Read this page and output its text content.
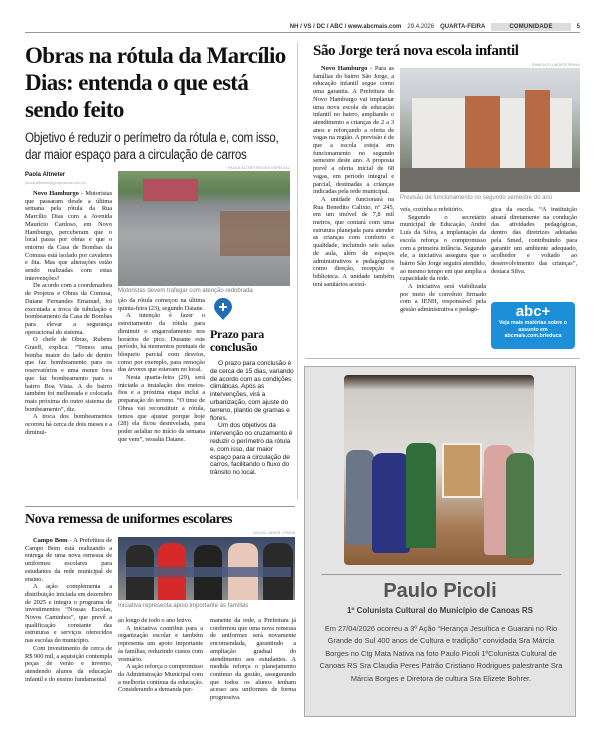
NH / VS / DC / ABC / www.abcmais.com 29.4.2026 QUARTA-FEIRA	COMUNIDADE	5
Obras na rótula da Marcílio Dias: entenda o que está sendo feito
Objetivo é reduzir o perímetro da rótula e, com isso, dar maior espaço para a circulação de carros
Paola Altneter
paola.altneter@gruposinos.com.br
PAOLA ALTNETER/GES ESPECIAL
Motoristas devem trafegar com atenção redobrada

Novo Hamburgo - Motoristas que passaram desde a última semana pela rótula da Rua Marcílio Dias com a Avenida Maurício Cardoso, em Novo Hamburgo, perceberam que o local passa por obras e que o entorno da Casa de Bombas da Comusa está isolado por cavaletes e fita. Mas que alterações estão sendo realizadas com estas intervenções?

De acordo com a coordenadora de Projetos e Obras da Comusa, Daiane Fernandes Emanuel, foi executada a troca de tubulação e bombeamento da Casa de Bombas para elevar a segurança operacional do sistema.

O chefe de Obras, Rubens Graeff, explica: “Temos uma bomba maior do lado de dentro que faz bombeamento para os reservatórios e uma menor fora que faz bombeamento para o bairro Boa Vista. A do bairro também foi melhorada e colocada mais próxima do outro sistema de bombeamento”, diz.

A troca dos bombeamentos ocorreu há cerca de dois meses e a diminui-

ção da rótula começou na última quinta-feira (23), segundo Daiane.

A intenção é fazer o estreitamento da rótula para diminuir o engarrafamento nos horários de pico. Durante este período, há momentos pontuais de bloqueio parcial com desvios, como por exemplo, para remoção das árvores que estavam no local.

Nesta quarta-feira (29), será iniciada a instalação dos meios-fios e a próxima etapa inclui a preparação do terreno. “O time de Obras vai reconstituir a rótula, temos que ajustar porque hoje (28) ela ficou desnivelada, para poder asfaltar no início da semana que vem”, ressalta Daiane.

Prazo para conclusão

O prazo para conclusão é de cerca de 15 dias, variando de acordo com as condições climáticas. Após as intervenções, virá a urbanização, com ajuste do terreno, plantio de gramas e flores.

Um dos objetivos da intervenção no cruzamento é reduzir o perímetro da rótula e, com isso, dar maior espaço para a circulação de carros, facilitando o fluxo do trânsito no local.

São Jorge terá nova escola infantil
RAMON ELLMONTE/PMNH
Previsão de funcionamento no segundo semestre do ano

Novo Hamburgo - Para as famílias do bairro São Jorge, a educação infantil segue como uma garantia. A Prefeitura de Novo Hamburgo vai implantar uma nova escola de educação infantil no bairro, ampliando o atendimento a crianças de 2 a 3 anos e reforçando a oferta de vagas na região. A previsão é de que a escola esteja em funcionamento no segundo semestre deste ano. A proposta prevê a oferta inicial de 68 vagas, em período integral e parcial, destinadas a crianças indicadas pela rede municipal.

A unidade funcionará na Rua Benedito Calixto, nº 245, em um imóvel de 7,8 mil metros, que contará com uma estrutura planejada para atender as crianças com conforto e qualidade, incluindo seis salas de aula, além de espaços administrativos e pedagógicos como direção, recepção e biblioteca. A unidade também terá sanitários acessí-

veis, cozinha e refeitório.

Segundo o secretário municipal de Educação, André Luís da Silva, a implantação da escola reforça o compromisso com a primeira infância. Segundo ele, a iniciativa assegura que o bairro São Jorge seguirá atendido, ao mesmo tempo em que amplia a capacidade da rede.

A iniciativa será viabilizada por meio de convênio firmado com a IENH, responsável pela gestão administrativa e pedagó-

gica da escola. “A instituição atuará diretamente na condução das atividades pedagógicas, dentro das diretrizes adotadas pela Smed, contribuindo para garantir um ambiente adequado, acolhedor e voltado ao desenvolvimento das crianças”, destaca Silva.

abc+
Veja mais matérias sobre o assunto em abcmais.com.br/educa
Paulo Picoli
1º Colunista Cultural do Município de Canoas RS
Em 27/04/2026 ocorreu a 3º Ação “Herança Jesuítica e Guarani no Rio Grande do Sul 400 anos de Cultura e tradição” convidada Sra Márcia Borges no Ctg Mata Nativa na foto Paulo Picoli 1ºColunista Cultural de Canoas RS Sra Claudia Peres Patrão Cristiano Rodrigues palestrante Sra Márcia Borges e Diretora de cultura Sra Elizete Bohrer.
Nova remessa de uniformes escolares
LUCAS LINDER / PMCB
Iniciativa representa apoio importante às famílias

Campo Bom - A Prefeitura de Campo Bom está realizando a entrega de uma nova remessa de uniformes escolares para estudantes da rede municipal de ensino.

A ação complementa a distribuição iniciada em dezembro de 2025 e integra o programa de investimentos “Nossas Escolas, Novos Caminhos”, que prevê a qualificação constante das estruturas e serviços oferecidos nas escolas do município.

Com investimento de cerca de R$ 900 mil, a aquisição contempla peças de verão e inverno, atendendo alunos da educação infantil e do ensino fundamental

ao longo de todo o ano letivo.

A iniciativa contribui para a organização escolar e também representa um apoio importante às famílias, reduzindo custos com vestuário.

A ação reforça o compromisso da Administração Municipal com a melhoria contínua da educação. Considerando a demanda per-

manente da rede, a Prefeitura já confirmou que uma nova remessa de uniformes será novamente encomendada, garantindo a ampliação gradual do atendimento aos estudantes. A medida reforça o planejamento contínuo da gestão, assegurando que todos os alunos tenham acesso aos uniformes de forma progressiva.
